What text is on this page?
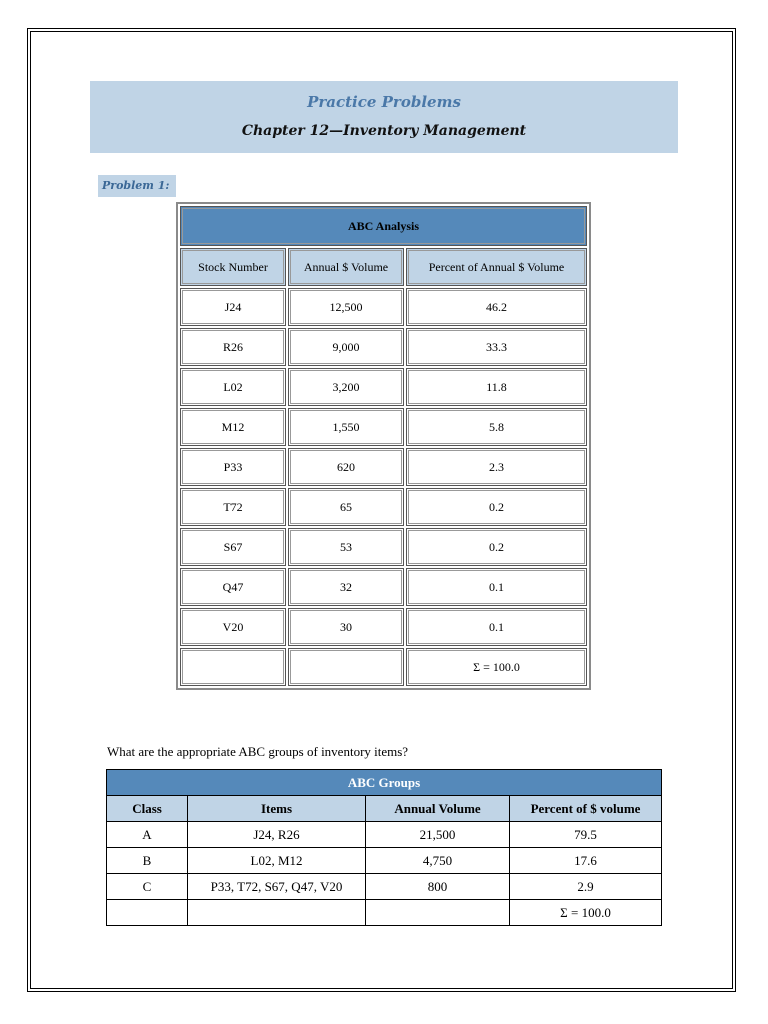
Practice Problems
Chapter 12—Inventory Management
Problem 1:
ABC Analysis		
Stock Number	Annual $ Volume	Percent of Annual $ Volume
J24	12,500	46.2
R26	9,000	33.3
L02	3,200	11.8
M12	1,550	5.8
P33	620	2.3
T72	65	0.2
S67	53	0.2
Q47	32	0.1
V20	30	0.1
		Σ = 100.0
What are the appropriate ABC groups of inventory items?
ABC Groups			
Class	Items	Annual Volume	Percent of $ volume
A	J24, R26	21,500	79.5
B	L02, M12	4,750	17.6
C	P33, T72, S67, Q47, V20	800	2.9
			Σ = 100.0
